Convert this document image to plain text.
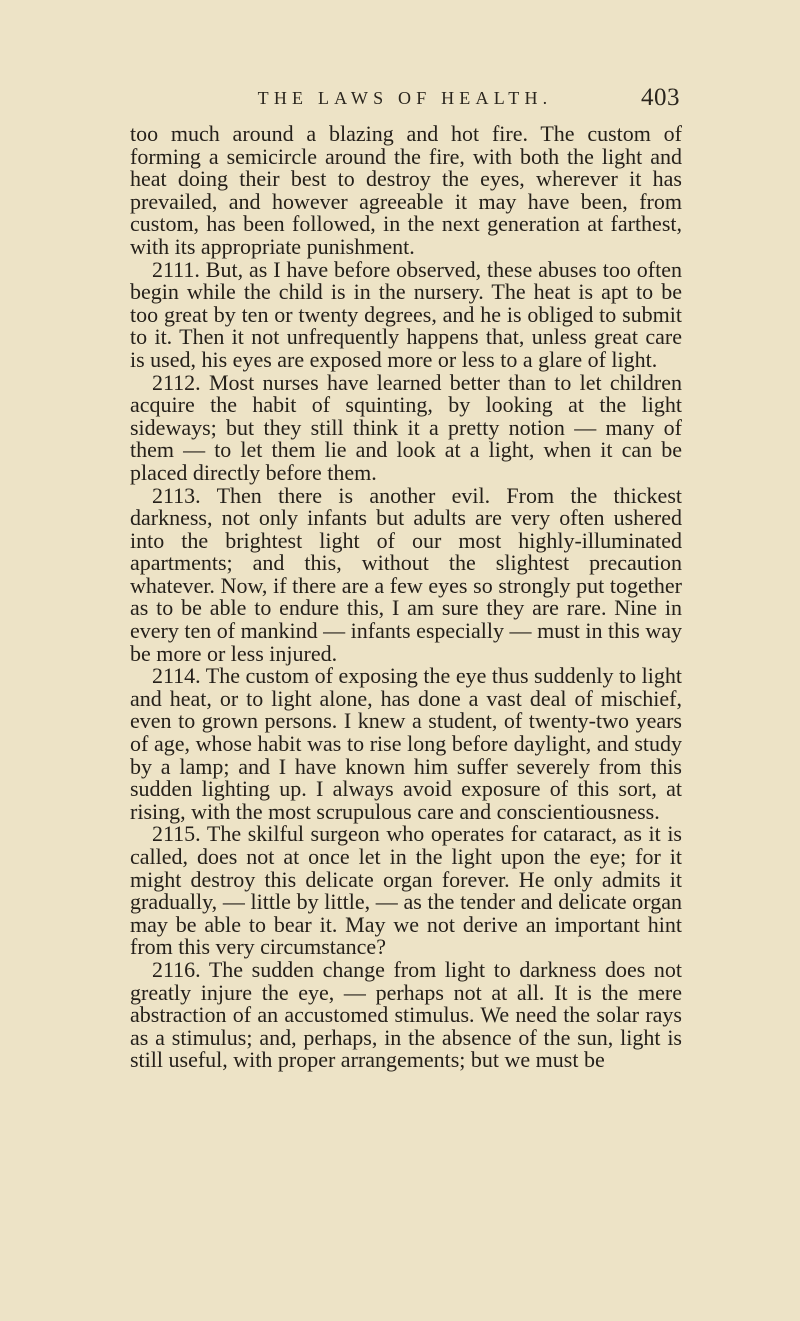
THE LAWS OF HEALTH.	403

too much around a blazing and hot fire. The custom of forming a semicircle around the fire, with both the light and heat doing their best to destroy the eyes, wherever it has prevailed, and however agreeable it may have been, from custom, has been followed, in the next generation at farthest, with its appropriate punishment.

2111. But, as I have before observed, these abuses too often begin while the child is in the nursery. The heat is apt to be too great by ten or twenty degrees, and he is obliged to submit to it. Then it not unfrequently happens that, unless great care is used, his eyes are exposed more or less to a glare of light.

2112. Most nurses have learned better than to let children acquire the habit of squinting, by looking at the light sideways; but they still think it a pretty notion — many of them — to let them lie and look at a light, when it can be placed directly before them.

2113. Then there is another evil. From the thickest darkness, not only infants but adults are very often ushered into the brightest light of our most highly-illuminated apartments; and this, without the slightest precaution whatever. Now, if there are a few eyes so strongly put together as to be able to endure this, I am sure they are rare. Nine in every ten of mankind — infants especially — must in this way be more or less injured.

2114. The custom of exposing the eye thus suddenly to light and heat, or to light alone, has done a vast deal of mischief, even to grown persons. I knew a student, of twenty-two years of age, whose habit was to rise long before daylight, and study by a lamp; and I have known him suffer severely from this sudden lighting up. I always avoid exposure of this sort, at rising, with the most scrupulous care and conscientiousness.

2115. The skilful surgeon who operates for cataract, as it is called, does not at once let in the light upon the eye; for it might destroy this delicate organ forever. He only admits it gradually, — little by little, — as the tender and delicate organ may be able to bear it. May we not derive an important hint from this very circumstance?

2116. The sudden change from light to darkness does not greatly injure the eye, — perhaps not at all. It is the mere abstraction of an accustomed stimulus. We need the solar rays as a stimulus; and, perhaps, in the absence of the sun, light is still useful, with proper arrangements; but we must be
